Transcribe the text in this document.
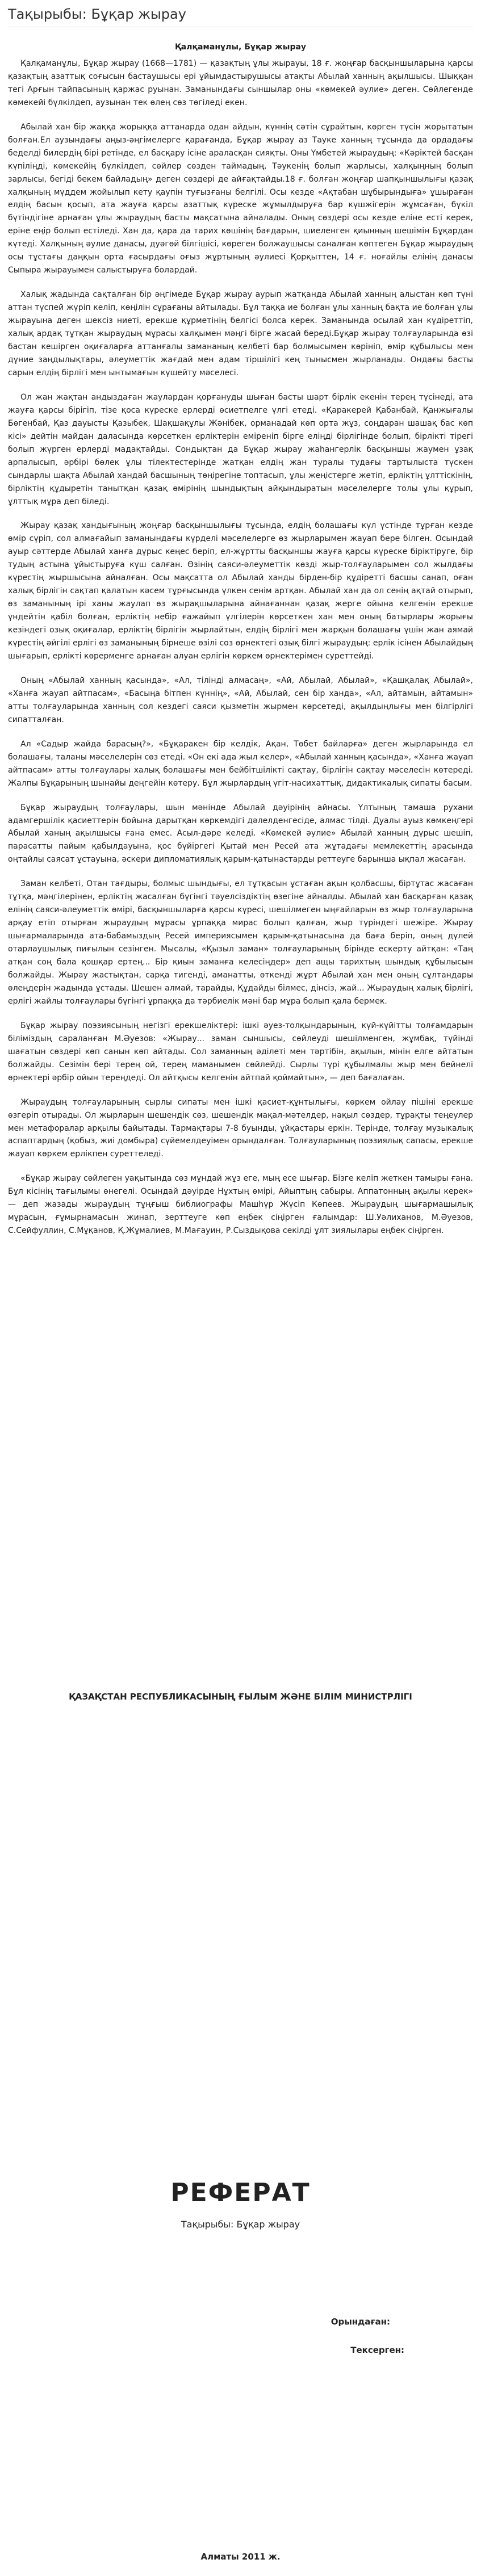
Тақырыбы: Бұқар жырау

Қалқаманұлы, Бұқар жырау

Қалқаманұлы, Бұқар жырау (1668—1781) — қазақтың ұлы жырауы, 18 ғ. жоңғар басқыншыларына қарсы қазақтың азаттық соғысын бастаушысы ері ұйымдастырушысы атақты Абылай ханның ақылшысы. Шыққан тегі Арғын тайпасының қаржас руынан. Заманындағы сыншылар оны «көмекей әулие» деген. Сөйлегенде көмекейі бүлкілдеп, аузынан тек өлең сөз төгіледі екен.

Абылай хан бір жаққа жорыққа аттанарда одан айдын, күннің сәтін сұрайтын, көрген түсін жорытатын болған.Ел аузындағы аңыз-әңгімелерге қарағанда, Бұқар жырау аз Тауке ханның тұсында да ордадағы беделді билердің бірі ретінде, ел басқару ісіне араласқан сияқты. Оны Үмбетей жыраудың: «Кәріктей басқан күпіліңді, көмекейің бүлкілдеп, сөйлер сөзден таймадың, Тәукенің болып жарлысы, халқыңның болып зарлысы, бегіді бекем байладың» деген сөздері де айғақтайды.18 ғ. болған жоңғар шапқыншылығы қазақ халқының мүддем жойылып кету қаупін туғызғаны белгілі. Осы кезде «Ақтабан шұбырындыға» ұшыраған елдің басын қосып, ата жауға қарсы азаттық күреске жұмылдыруға бар күшжігерін жұмсаған, бүкіл бүтіндігіне арнаған ұлы жыраудың басты мақсатына айналады. Оның сөздері осы кезде еліне есті керек, еріне еңір болып естіледі. Хан да, қара да тарих көшінің бағдарын, шиеленген қиынның шешімін Бұқардан күтеді. Халқының әулие данасы, дуәгөй білгішісі, көреген болжаушысы саналған көптеген Бұқар жыраудың осы тұстағы даңқын орта ғасырдағы оғыз жұртының әулиесі Қорқыттен, 14 ғ. ноғайлы елінің данасы Сыпыра жырауымен салыстыруға болардай.

Халық жадында сақталған бір әңгімеде Бұқар жырау аурып жатқанда Абылай ханның алыстан көп түні аттан түспей жүріп келіп, көңілін сұрағаны айтылады. Бұл таққа ие болған ұлы ханның бақта ие болған ұлы жырауына деген шексіз ниеті, ерекше құрметінің белгісі болса керек. Заманында осылай хан күдіреттіп, халық ардақ тұтқан жыраудың мұрасы халқымен мәңгі бірге жасай береді.Бұқар жырау толғауларында өзі бастан кешірген оқиғаларға аттанғалы замананың келбеті бар болмысымен көрініп, өмір құбылысы мен дүние заңдылықтары, әлеуметтік жағдай мен адам тіршілігі кең тынысмен жырланады. Ондағы басты сарын елдің бірлігі мен ынтымағын күшейту мәселесі.

Ол жан жақтан андыздаған жаулардан қорғануды шыған басты шарт бірлік екенін терең түсінеді, ата жауға қарсы бірігіп, тізе қоса күреске ерлерді өсиетпелге үлгі етеді. «Қаракерей Қабанбай, Қанжығалы Бөгенбай, Қаз дауысты Қазыбек, Шақшақұлы Жәнібек, орманадай көп орта жұз, соңдаран шашақ бас көп кісі» дейтін майдан даласында көрсеткен ерліктерін еміреніп бірге еліңді бірлігінде болып, бірлікті тірегі болып жүрген ерлерді мадақтайды. Сондықтан да Бұқар жырау жаһангерлік басқыншы жаумен ұзақ арпалысып, әрбірі бөлек ұлы тілектестерінде жатқан елдің жан туралы тудағы тартылыста түскен сындарлы шақта Абылай хандай басшының төңірегіне топтасып, ұлы жеңістерге жетіп, ерліктің ұлттіскінің, бірліктің құдыретін танытқан қазақ өмірінің шындықтың айқындыратын мәселелерге толы ұлы құрып, ұлттық мұра деп біледі.

Жырау қазақ хандығының жоңғар басқыншылығы тұсында, елдің болашағы күл үстінде тұрған кезде өмір сүріп, сол алмағайып заманындағы күрделі мәселелерге өз жырларымен жауап бере білген. Осындай ауыр сәттерде Абылай ханға дүрыс кеңес беріп, ел-жұртты басқыншы жауға қарсы күреске біріктіруге, бір тудың астына ұйыстыруға күш салған. Өзінің саяси-әлеуметтік көзді жыр-толғауларымен сол жылдағы күрестің жыршысына айналған. Осы мақсатта ол Абылай ханды бірден-бір құдіретті басшы санап, оған халық бірлігін сақтап қалатын кәсем тұрғысында үлкен сенім артқан. Абылай хан да ол сенің ақтай отырып, өз заманының ірі ханы жаулап өз жырақшыларына айнағаннан қазақ жерге ойына келгенін ерекше үндейтін қабіл болған, ерліктің небір ғажайып үлгілерін көрсеткен хан мен оның батырлары жорығы кезіндегі озық оқиғалар, ерліктің бірлігін жырлайтын, елдің бірлігі мен жарқын болашағы үшін жан аямай күрестің әйгілі ерлігі өз заманының бірнеше өзілі соз өрнектегі озық білгі жыраудың: ерлік ісінен Абылайдың шығарып, ерлікті көрерменге арнаған алуан ерлігін көркем өрнектерімен суреттейді.

Оның «Абылай ханның қасында», «Ал, тілінді алмасаң», «Ай, Абылай, Абылай», «Қашқалақ Абылай», «Ханға жауап айтпасам», «Басыңа бітпен күннің», «Ай, Абылай, сен бір ханда», «Ал, айтамын, айтамын» атты толғауларында ханның сол кездегі саяси қызметін жырмен көрсетеді, ақылдыңлығы мен білгірлігі сипатталған.

Ал «Садыр жайда барасың?», «Бұқаракен бір келдік, Ақан, Төбет байларға» деген жырларында ел болашағы, таланы мәселелерін сөз етеді. «Он екі ада жыл келер», «Абылай ханның қасында», «Ханға жауап айтпасам» атты толғаулары халық болашағы мен бейбітшілікті сақтау, бірлігін сақтау мәселесін көтереді. Жалпы Бұқарының шынайы деңгейін көтеру. Бұл жырлардың үгіт-насихаттық, дидактикалық сипаты басым.

Бұқар жыраудың толғаулары, шын мәнінде Абылай дәуірінің айнасы. Үлтының тамаша рухани адамгершілік қасиеттерін бойына дарытқан көркемдігі дәлелденгесіде, алмас тілді. Дуалы ауыз көмкеңгері Абылай ханың ақылшысы ғана емес. Асыл-дәре келеді. «Көмекей әулие» Абылай ханның дүрыс шешіп, парасатты пайым қабылдауына, қос бүйіргегі Қытай мен Ресей ата жұтадағы мемлекеттің арасында оңтайлы саясат ұстауына, әскери дипломатиялық қарым-қатынастарды реттеуге барынша ықпал жасаған.

Заман келбеті, Отан тағдыры, болмыс шындығы, ел тұтқасын ұстаған ақын қолбасшы, біртұтас жасаған тұтқа, мәңгілерінен, ерліктің жасалған бүгінгі тәуелсіздіктің өзегіне айналды. Абылай хан басқарған қазақ елінің саяси-әлеуметтік өмірі, басқыншыларға қарсы күресі, шешілмеген ыңғайларын өз жыр толғауларына арқау етіп отырған жыраудың мұрасы ұрпаққа мирас болып қалған, жыр түріндегі шежіре. Жырау шығармаларында ата-бабамыздың Ресей империясымен қарым-қатынасына да баға беріп, оның дүлей отарлаушылық пиғылын сезінген. Мысалы, «Қызыл заман» толғауларының бірінде ескерту айтқан: «Таң атқан соң бала қошқар ертең... Бір қиын заманға келесіңдер» деп ащы тарихтың шындық құбылысын болжайды. Жырау жастықтан, сарқа тигенді, аманатты, өткенді жұрт Абылай хан мен оның сұлтандары өлеңдерін жадында ұстады. Шешен алмай, тарайды, Құдайды білмес, дінсіз, жай... Жыраудың халық бірлігі, ерлігі жайлы толғаулары бүгінгі ұрпаққа да тәрбиелік мәні бар мұра болып қала бермек.

Бұқар жырау поэзиясының негізгі ерекшеліктері: ішкі әуез-толқындарының, күй-күйітты толғамдарын біліміздың сараланған М.Әуезов: «Жырау... заман сыншысы, сөйлеуді шешілменген, жұмбақ, түйінді шағатын сөздері көп санын көп айтады. Сол заманның әділеті мен тәртібін, ақылын, мінін елге айтатын болжайды. Сезімін бері терең ой, терең маманымен сөйлейді. Сырлы түрі құбылмалы жыр мен бейнелі өрнектері әрбір ойын тереңдеді. Ол айтқысы келгенін айтпай қоймайтын», — деп бағалаған.

Жыраудың толғауларының сырлы сипаты мен ішкі қасиет-құнтылығы, көркем ойлау пішіні ерекше өзгеріп отырады. Ол жырларын шешендік сөз, шешендік мақал-мәтелдер, нақыл сөздер, тұрақты теңеулер мен метафоралар арқылы байытады. Тармақтары 7-8 буынды, ұйқастары еркін. Терінде, толғау музыкалық аспаптардың (қобыз, жиі домбыра) сүйемелдеуімен орындалған. Толғауларының поэзиялық сапасы, ерекше жауап көркем ерлікпен суреттеледі.

«Бұқар жырау сөйлеген уақытында сөз мұндай жұз еге, мың есе шығар. Бізге келіп жеткен тамыры ғана. Бұл кісінің тағылымы өнегелі. Осындай дәуірде Нұхтың өмірі, Айыптың сабыры. Аппатонның ақылы керек» — деп жазады жыраудың тұңғыш библиографы Машһүр Жүсіп Көпеев. Жыраудың шығармашылық мұрасын, ғұмырнамасын жинап, зерттеуге көп еңбек сіңірген ғалымдар: Ш.Уәлиханов, М.Әуезов, С.Сейфуллин, С.Мұқанов, Қ.Жұмалиев, М.Мағауин, Р.Сыздықова секілді ұлт зиялылары еңбек сіңірген.

ҚАЗАҚСТАН РЕСПУБЛИКАСЫНЫҢ ҒЫЛЫМ ЖӘНЕ БІЛІМ МИНИСТРЛІГІ
РЕФЕРАТ
Тақырыбы: Бұқар жырау
Орындаған:
Тексерген:
Алматы 2011 ж.
